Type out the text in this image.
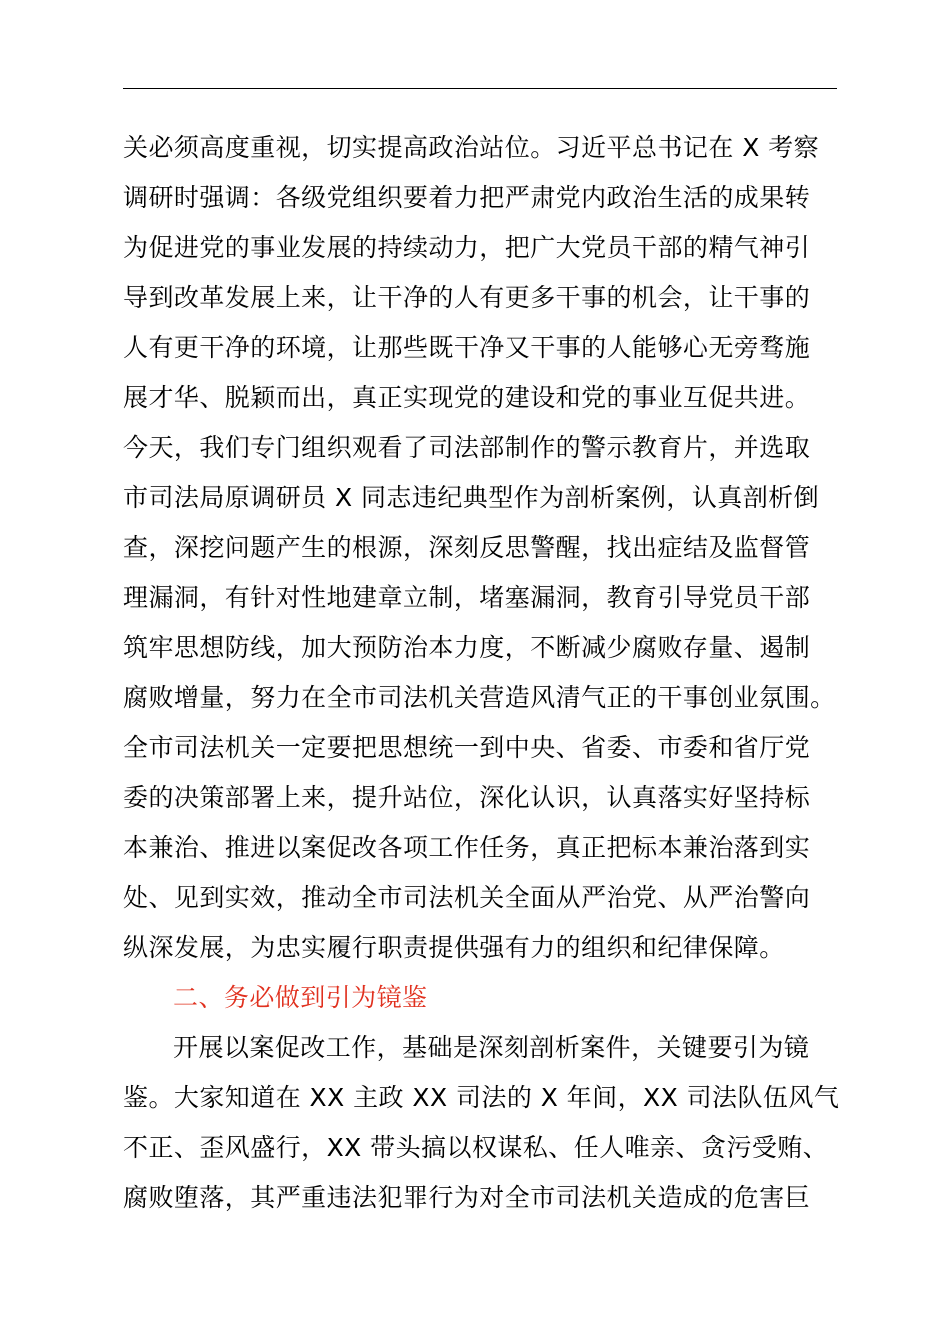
关必须高度重视，切实提高政治站位。习近平总书记在 X 考察
调研时强调：各级党组织要着力把严肃党内政治生活的成果转
为促进党的事业发展的持续动力，把广大党员干部的精气神引
导到改革发展上来，让干净的人有更多干事的机会，让干事的
人有更干净的环境，让那些既干净又干事的人能够心无旁骛施
展才华、脱颖而出，真正实现党的建设和党的事业互促共进。
今天，我们专门组织观看了司法部制作的警示教育片，并选取
市司法局原调研员 X 同志违纪典型作为剖析案例，认真剖析倒
查，深挖问题产生的根源，深刻反思警醒，找出症结及监督管
理漏洞，有针对性地建章立制，堵塞漏洞，教育引导党员干部
筑牢思想防线，加大预防治本力度，不断减少腐败存量、遏制
腐败增量，努力在全市司法机关营造风清气正的干事创业氛围。
全市司法机关一定要把思想统一到中央、省委、市委和省厅党
委的决策部署上来，提升站位，深化认识，认真落实好坚持标
本兼治、推进以案促改各项工作任务，真正把标本兼治落到实
处、见到实效，推动全市司法机关全面从严治党、从严治警向
纵深发展，为忠实履行职责提供强有力的组织和纪律保障。
二、务必做到引为镜鉴
开展以案促改工作，基础是深刻剖析案件，关键要引为镜
鉴。大家知道在 XX 主政 XX 司法的 X 年间，XX 司法队伍风气
不正、歪风盛行，XX 带头搞以权谋私、任人唯亲、贪污受贿、
腐败堕落，其严重违法犯罪行为对全市司法机关造成的危害巨
